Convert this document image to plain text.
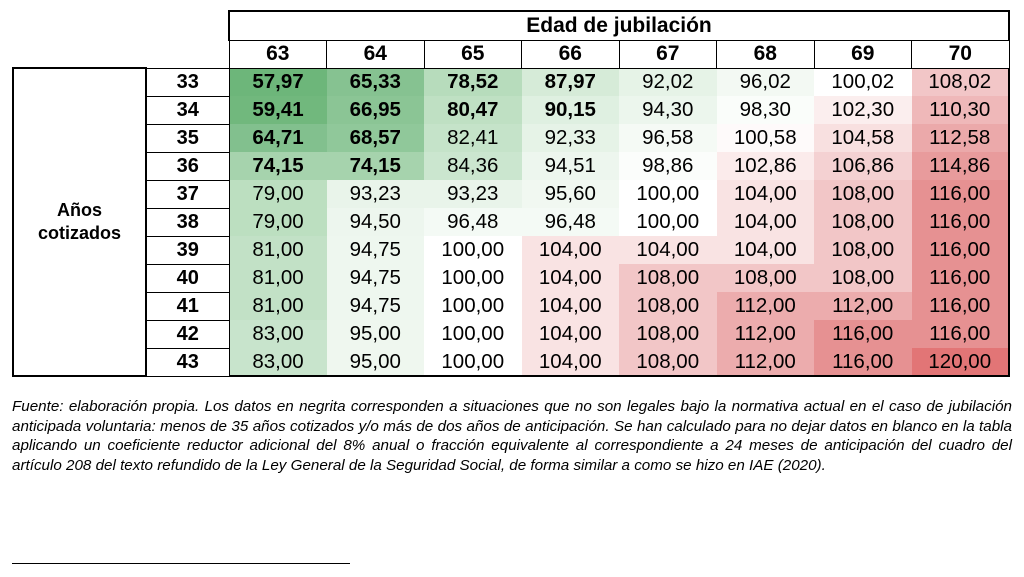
		Edad de jubilación							
		63	64	65	66	67	68	69	70

Años
cotizados	33	57,97	65,33	78,52	87,97	92,02	96,02	100,02	108,02
	34	59,41	66,95	80,47	90,15	94,30	98,30	102,30	110,30
	35	64,71	68,57	82,41	92,33	96,58	100,58	104,58	112,58
	36	74,15	74,15	84,36	94,51	98,86	102,86	106,86	114,86
	37	79,00	93,23	93,23	95,60	100,00	104,00	108,00	116,00
	38	79,00	94,50	96,48	96,48	100,00	104,00	108,00	116,00
	39	81,00	94,75	100,00	104,00	104,00	104,00	108,00	116,00
	40	81,00	94,75	100,00	104,00	108,00	108,00	108,00	116,00
	41	81,00	94,75	100,00	104,00	108,00	112,00	112,00	116,00
	42	83,00	95,00	100,00	104,00	108,00	112,00	116,00	116,00
	43	83,00	95,00	100,00	104,00	108,00	112,00	116,00	120,00

Fuente: elaboración propia. Los datos en negrita corresponden a situaciones que no son legales bajo la normativa actual en el caso de jubilación anticipada voluntaria: menos de 35 años cotizados y/o más de dos años de anticipación. Se han calculado para no dejar datos en blanco en la tabla aplicando un coeficiente reductor adicional del 8% anual o fracción equivalente al correspondiente a 24 meses de anticipación del cuadro del artículo 208 del texto refundido de la Ley General de la Seguridad Social, de forma similar a como se hizo en IAE (2020).
